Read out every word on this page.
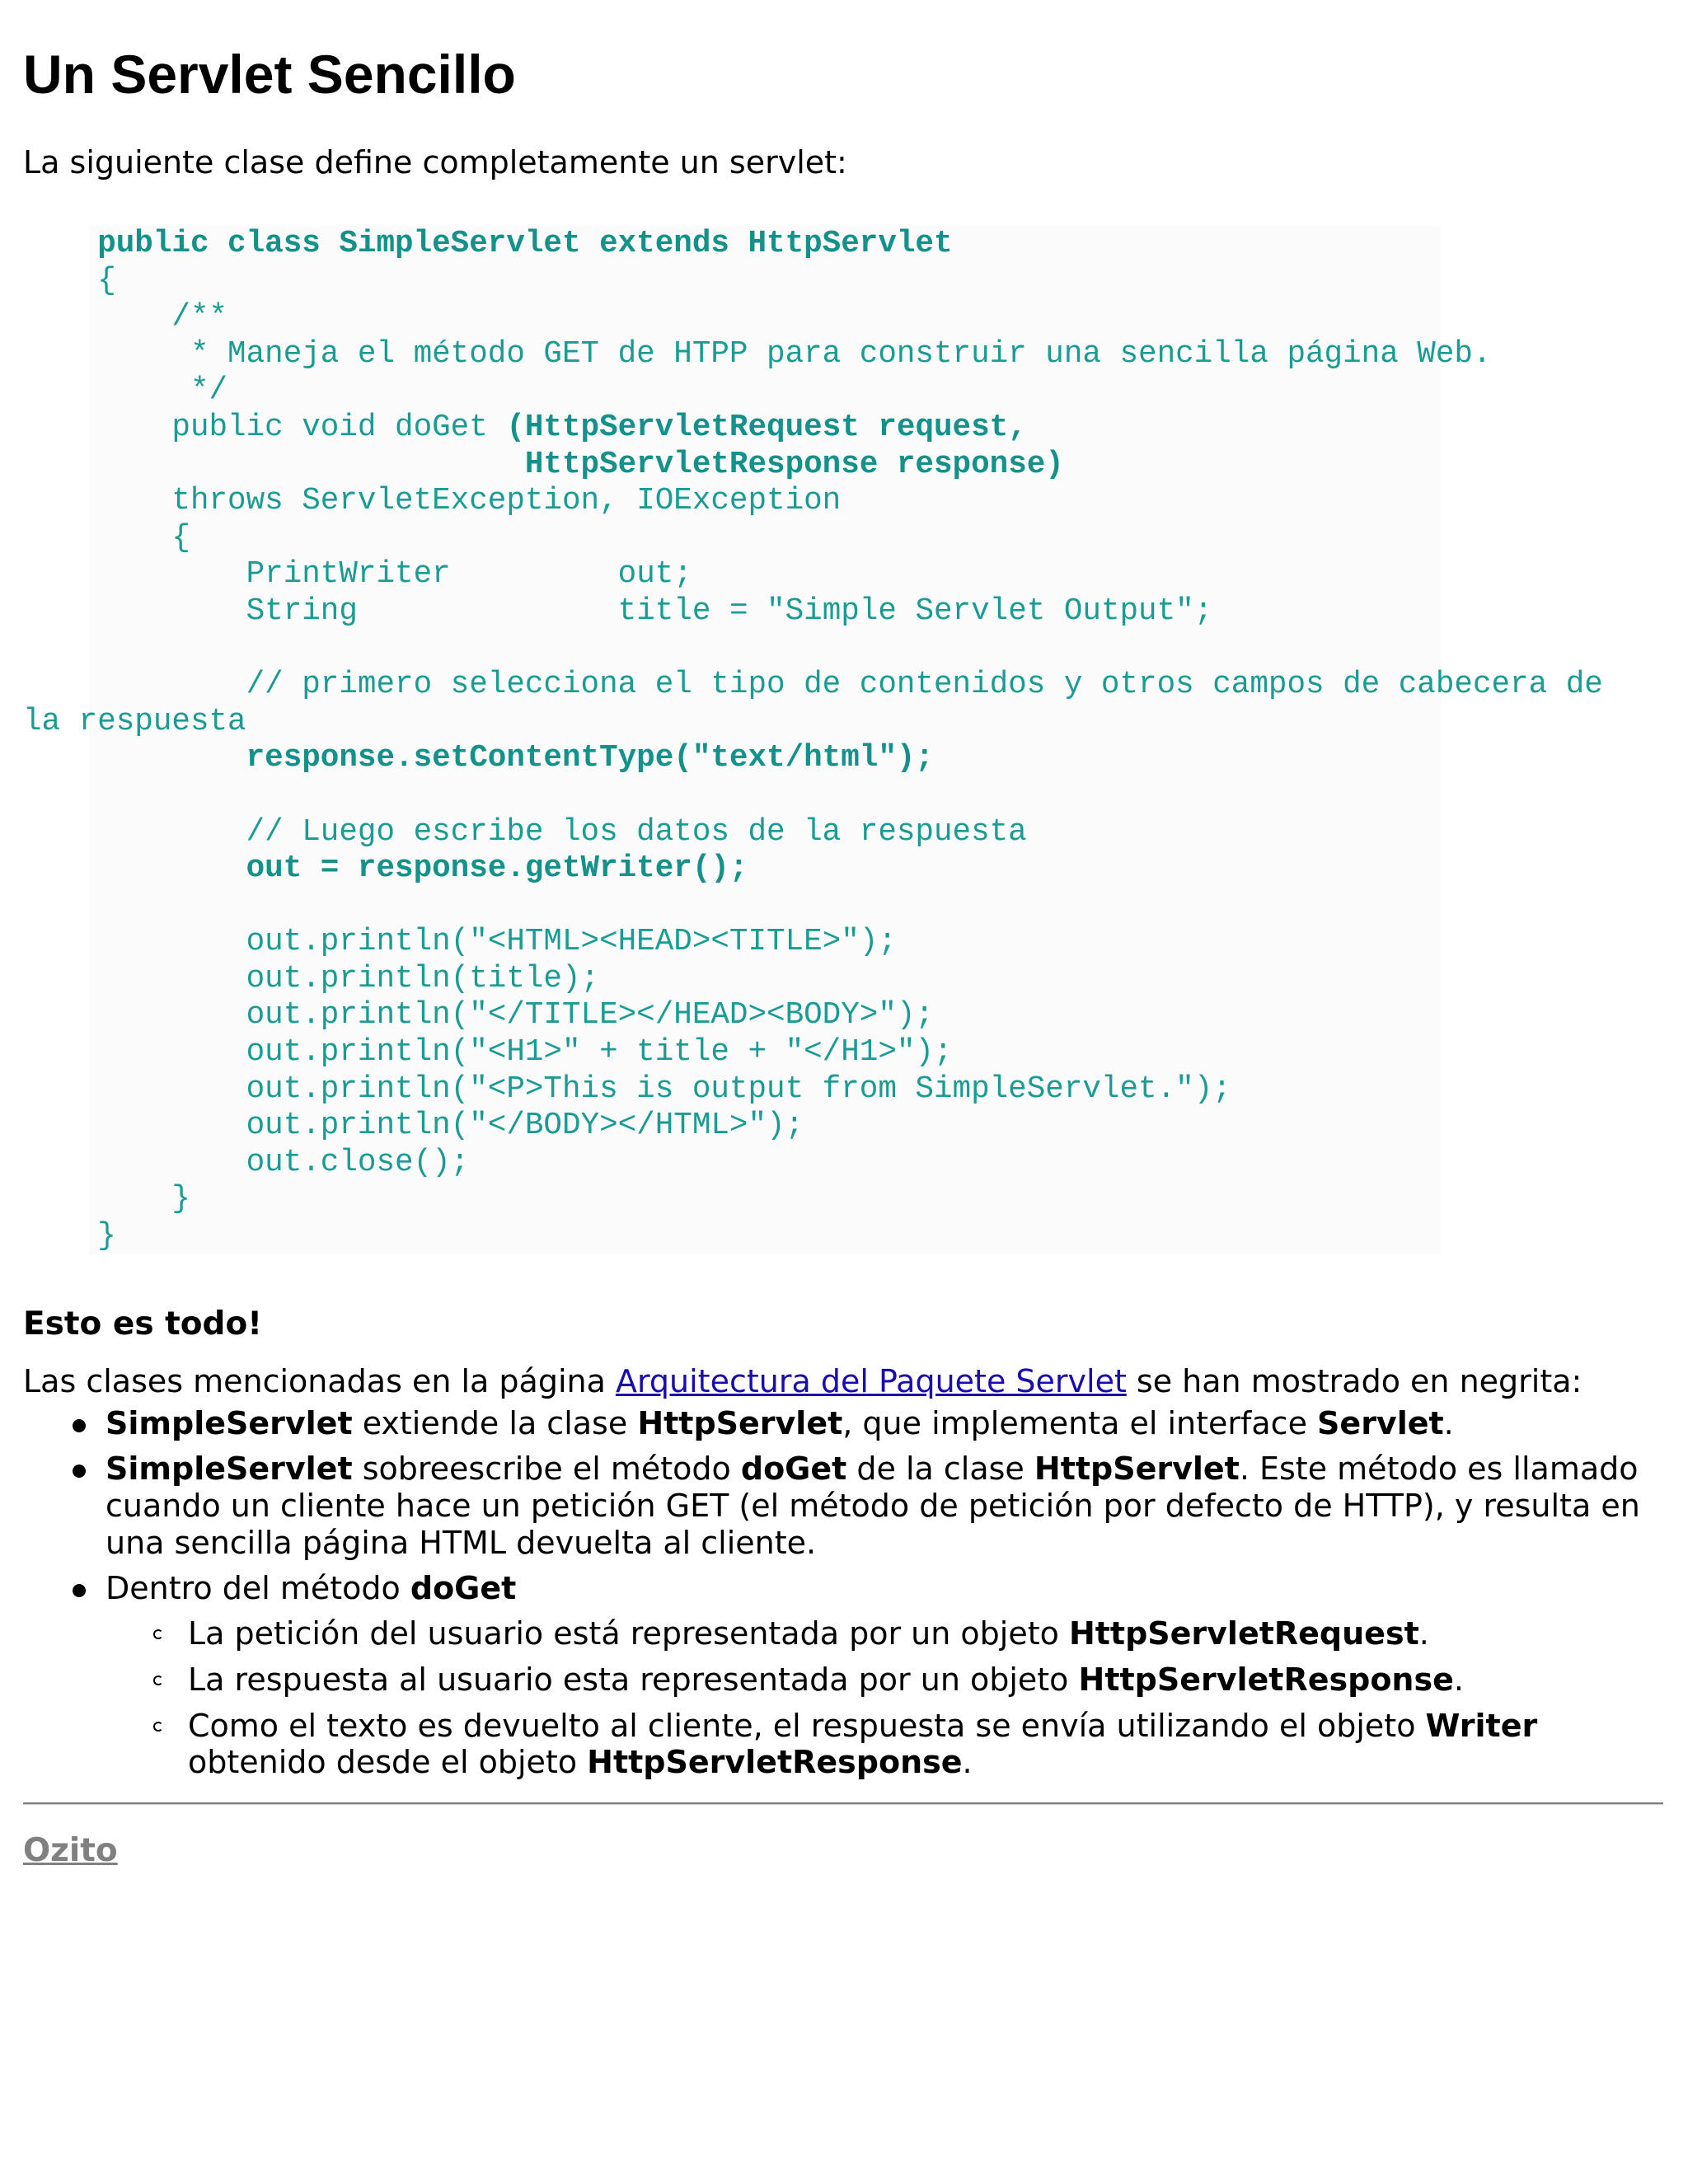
Un Servlet Sencillo

La siguiente clase define completamente un servlet:

public class SimpleServlet extends HttpServlet
{
/**
* Maneja el método GET de HTPP para construir una sencilla página Web.
*/
public void doGet (HttpServletRequest request,
HttpServletResponse response)
throws ServletException, IOException
{
PrintWriter	out;
String	title = "Simple Servlet Output";

// primero selecciona el tipo de contenidos y otros campos de cabecera de
la respuesta
response.setContentType("text/html");

// Luego escribe los datos de la respuesta
out = response.getWriter();

out.println("<HTML><HEAD><TITLE>");
out.println(title);
out.println("</TITLE></HEAD><BODY>");
out.println("<H1>" + title + "</H1>");
out.println("<P>This is output from SimpleServlet.");
out.println("</BODY></HTML>");
out.close();
}
}

Esto es todo!

Las clases mencionadas en la página Arquitectura del Paquete Servlet se han mostrado en negrita:

SimpleServlet extiende la clase HttpServlet, que implementa el interface Servlet.
SimpleServlet sobreescribe el método doGet de la clase HttpServlet. Este método es llamado cuando un cliente hace un petición GET (el método de petición por defecto de HTTP), y resulta en una sencilla página HTML devuelta al cliente.
Dentro del método doGet
La petición del usuario está representada por un objeto HttpServletRequest.
La respuesta al usuario esta representada por un objeto HttpServletResponse.
Como el texto es devuelto al cliente, el respuesta se envía utilizando el objeto Writer obtenido desde el objeto HttpServletResponse.
Ozito
